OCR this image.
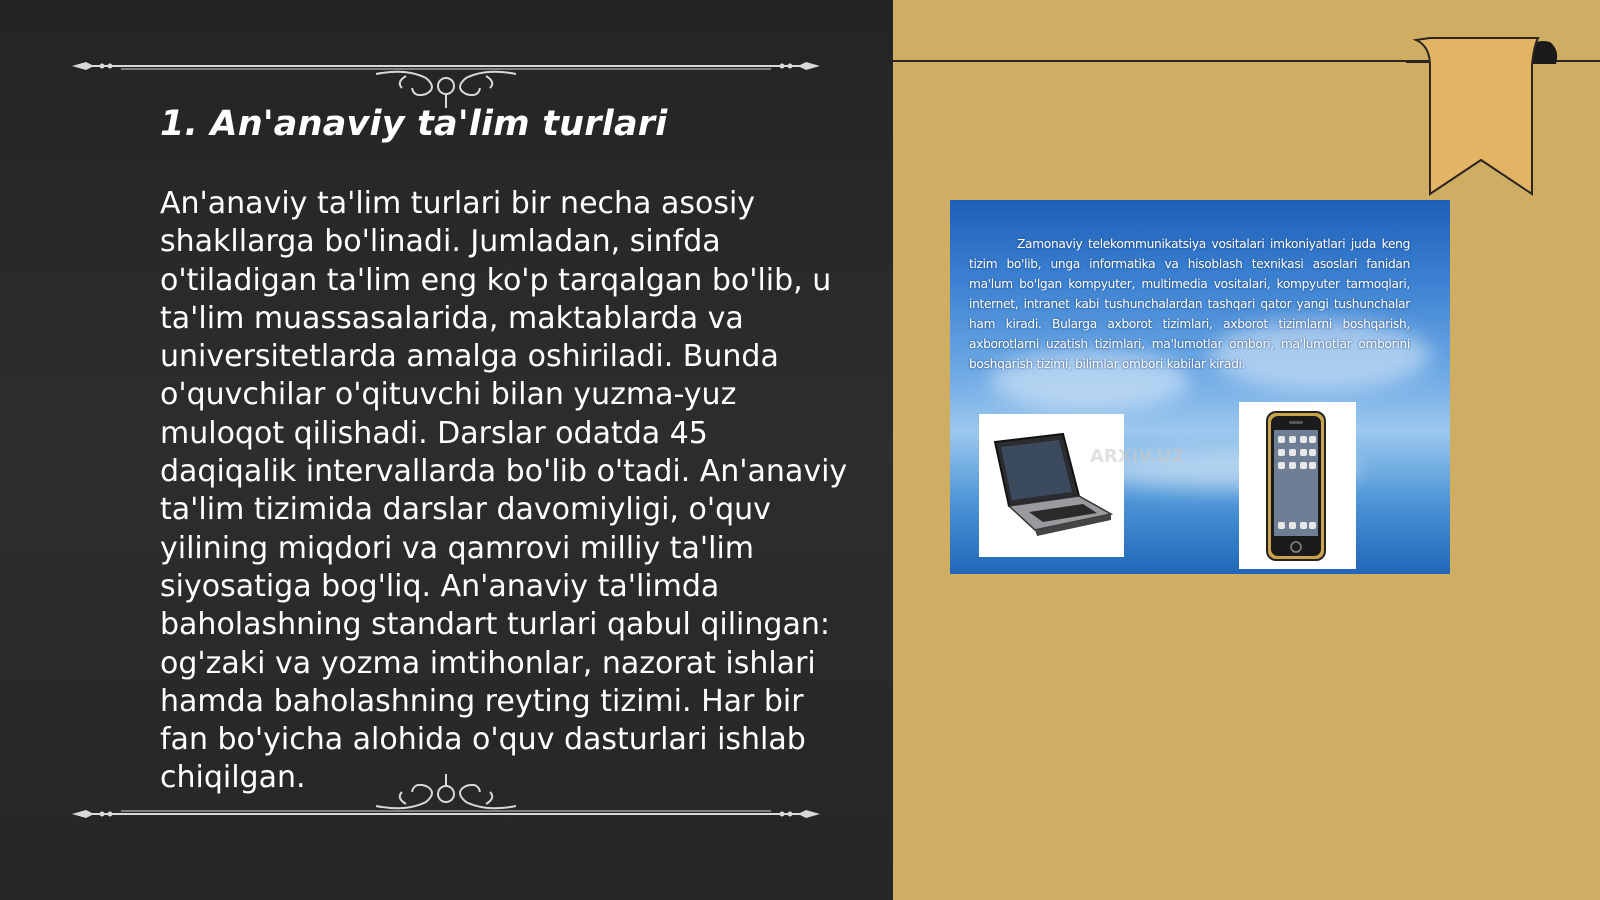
1. An'anaviy ta'lim turlari

An'anaviy ta'lim turlari bir necha asosiy shakllarga bo'linadi. Jumladan, sinfda o'tiladigan ta'lim eng ko'p tarqalgan bo'lib, u ta'lim muassasalarida, maktablarda va universitetlarda amalga oshiriladi. Bunda o'quvchilar o'qituvchi bilan yuzma-yuz muloqot qilishadi. Darslar odatda 45 daqiqalik intervallarda bo'lib o'tadi. An'anaviy ta'lim tizimida darslar davomiyligi, o'quv yilining miqdori va qamrovi milliy ta'lim siyosatiga bog'liq. An'anaviy ta'limda baholashning standart turlari qabul qilingan: og'zaki va yozma imtihonlar, nazorat ishlari hamda baholashning reyting tizimi. Har bir fan bo'yicha alohida o'quv dasturlari ishlab chiqilgan.

Zamonaviy telekommunikatsiya vositalari imkoniyatlari juda keng tizim bo'lib, unga informatika va hisoblash texnikasi asoslari fanidan ma'lum bo'lgan kompyuter, multimedia vositalari, kompyuter tarmoqlari, internet, intranet kabi tushunchalardan tashqari qator yangi tushunchalar ham kiradi. Bularga axborot tizimlari, axborot tizimlarni boshqarish, axborotlarni uzatish tizimlari, ma'lumotlar ombori, ma'lumotlar omborini boshqarish tizimi, bilimlar ombori kabilar kiradi.

ARXIV.UZ
